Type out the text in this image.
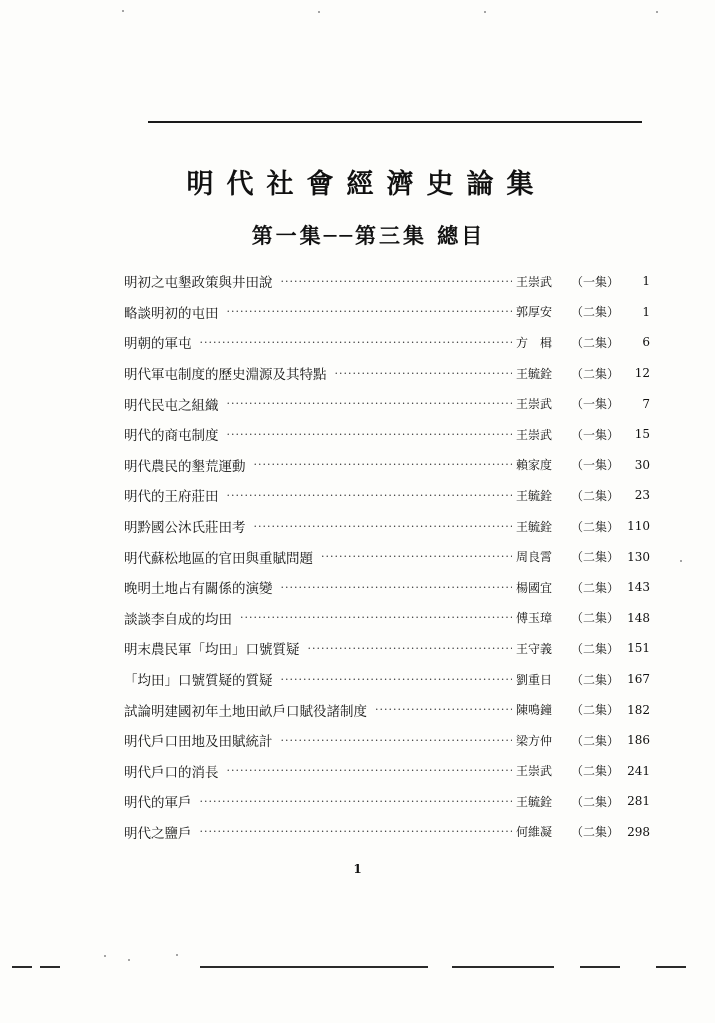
明代社會經濟史論集
第一集──第三集 總目
明初之屯墾政策與井田說 ·····	王崇武	（一集）	1
略談明初的屯田 ·····	郭厚安	（二集）	1
明朝的軍屯 ·····	方　楫	（二集）	6
明代軍屯制度的歷史淵源及其特點 ·····	王毓銓	（二集）	12
明代民屯之組織 ·····	王崇武	（一集）	7
明代的商屯制度 ·····	王崇武	（一集）	15
明代農民的墾荒運動 ·····	賴家度	（一集）	30
明代的王府莊田 ·····	王毓銓	（二集）	23
明黔國公沐氏莊田考 ·····	王毓銓	（二集） 110
明代蘇松地區的官田與重賦問題 ·····	周良霄	（二集） 130
晚明土地占有關係的演變 ·····	楊國宜	（二集） 143
談談李自成的均田 ·····	傅玉璋	（二集） 148
明末農民軍「均田」口號質疑 ·····	王守義	（二集） 151
「均田」口號質疑的質疑 ·····	劉重日	（二集） 167
試論明建國初年土地田畝戶口賦役諸制度 ·····	陳鳴鐘	（二集） 182
明代戶口田地及田賦統計 ·····	梁方仲	（二集） 186
明代戶口的消長 ·····	王崇武	（二集） 241
明代的軍戶 ·····	王毓銓	（二集） 281
明代之鹽戶 ·····	何維凝	（二集） 298
1
